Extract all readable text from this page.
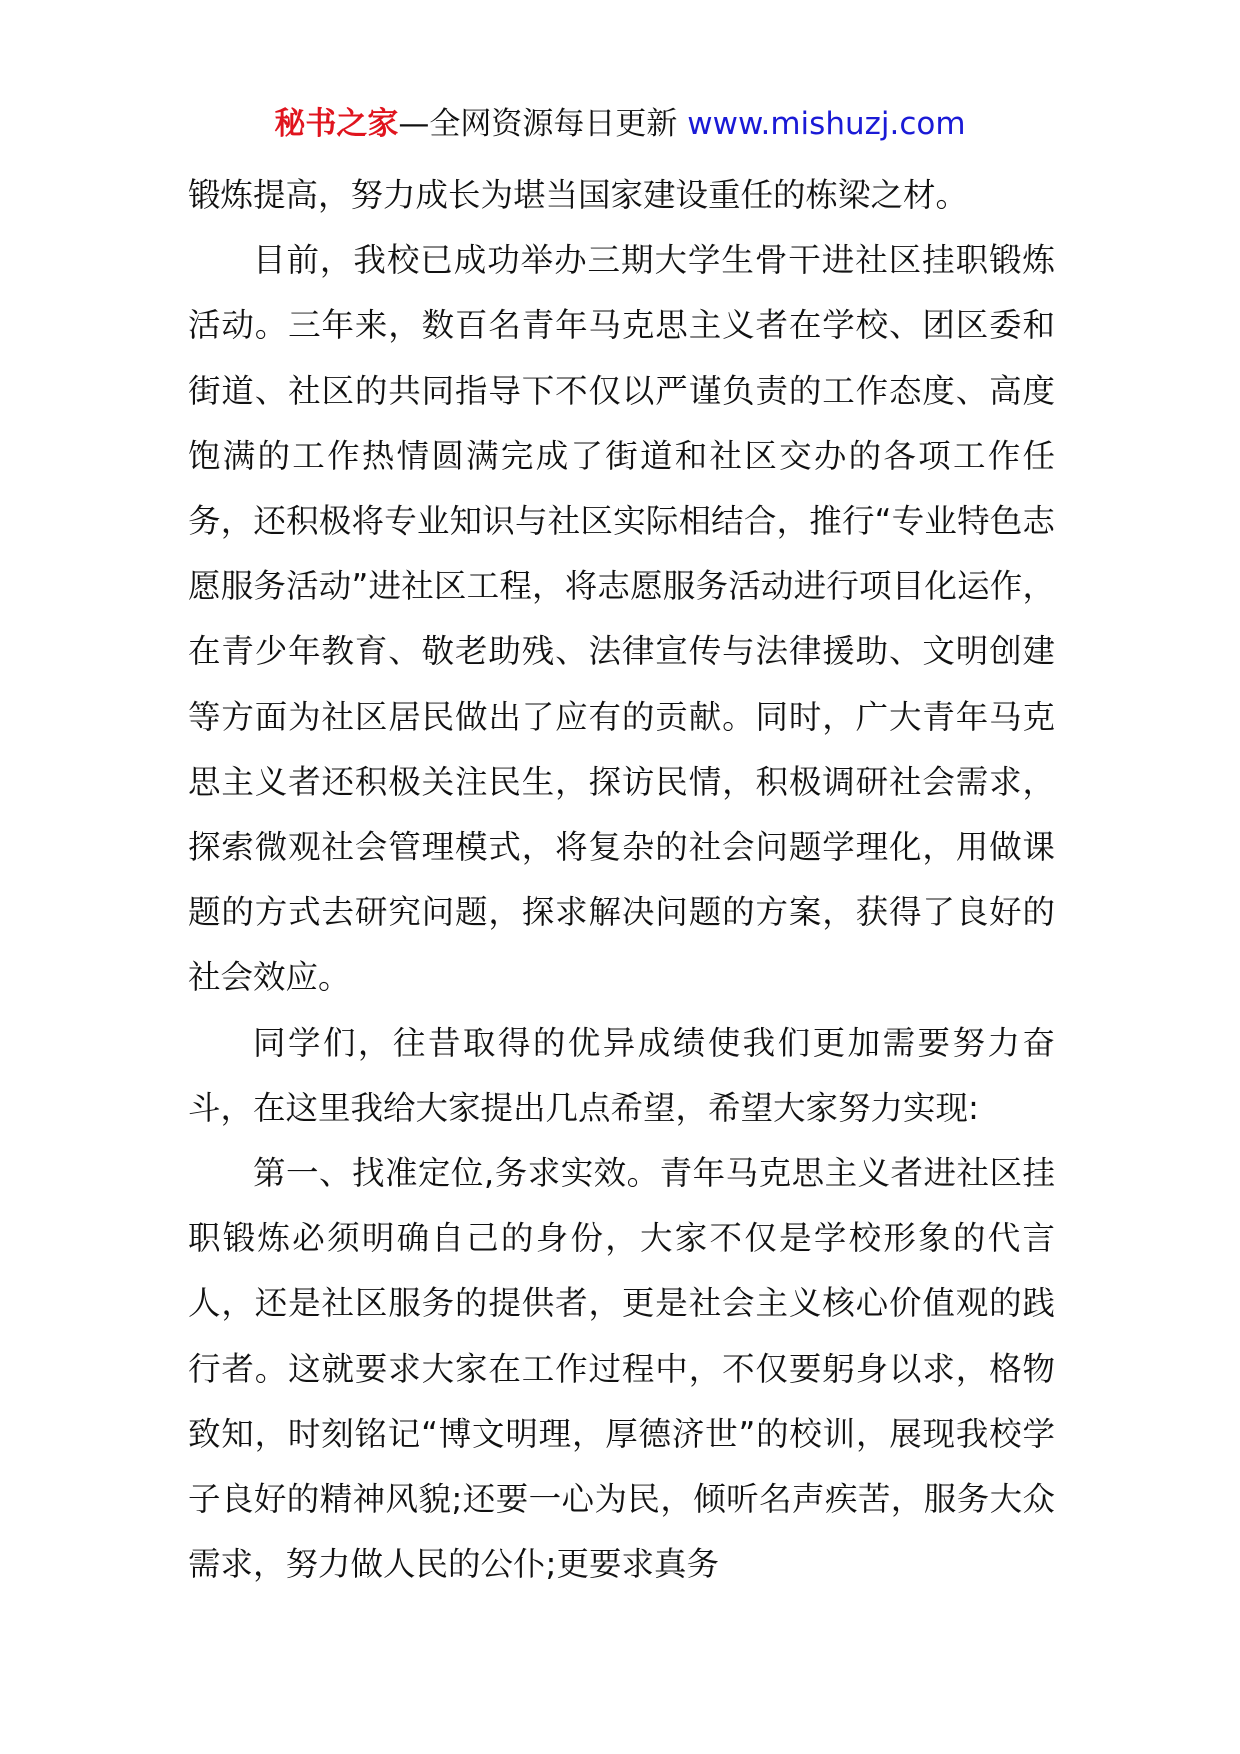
秘书之家—全网资源每日更新 www.mishuzj.com

锻炼提高，努力成长为堪当国家建设重任的栋梁之材。

目前，我校已成功举办三期大学生骨干进社区挂职锻炼活动。三年来，数百名青年马克思主义者在学校、团区委和街道、社区的共同指导下不仅以严谨负责的工作态度、高度饱满的工作热情圆满完成了街道和社区交办的各项工作任务，还积极将专业知识与社区实际相结合，推行“专业特色志愿服务活动”进社区工程，将志愿服务活动进行项目化运作，在青少年教育、敬老助残、法律宣传与法律援助、文明创建等方面为社区居民做出了应有的贡献。同时，广大青年马克思主义者还积极关注民生，探访民情，积极调研社会需求，探索微观社会管理模式，将复杂的社会问题学理化，用做课题的方式去研究问题，探求解决问题的方案，获得了良好的社会效应。

同学们，往昔取得的优异成绩使我们更加需要努力奋斗，在这里我给大家提出几点希望，希望大家努力实现:

第一、找准定位,务求实效。青年马克思主义者进社区挂职锻炼必须明确自己的身份，大家不仅是学校形象的代言人，还是社区服务的提供者，更是社会主义核心价值观的践行者。这就要求大家在工作过程中，不仅要躬身以求，格物致知，时刻铭记“博文明理，厚德济世”的校训，展现我校学子良好的精神风貌;还要一心为民，倾听名声疾苦，服务大众需求，努力做人民的公仆;更要求真务
